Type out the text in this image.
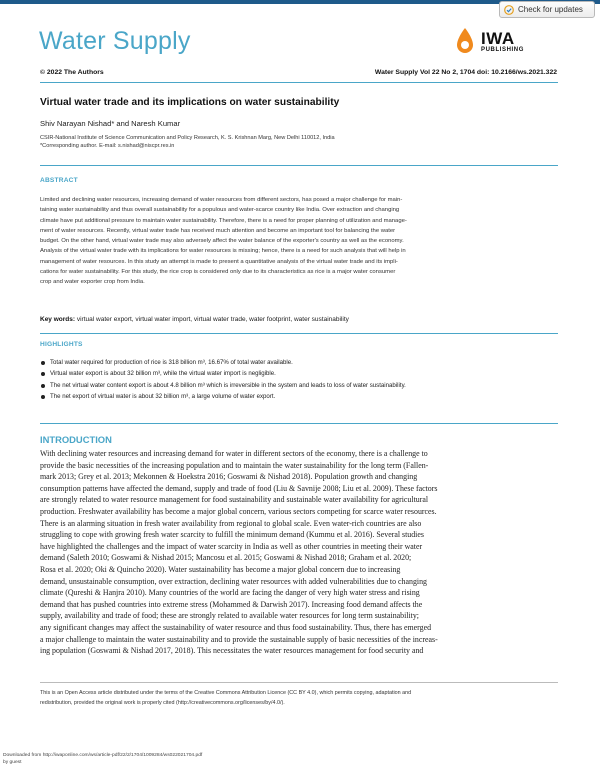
Check for updates
Water Supply	IWA
PUBLISHING
© 2022 The Authors	Water Supply Vol 22 No 2, 1704 doi: 10.2166/ws.2021.322
Virtual water trade and its implications on water sustainability
Shiv Narayan Nishad* and Naresh Kumar
CSIR-National Institute of Science Communication and Policy Research, K. S. Krishnan Marg, New Delhi 110012, India
*Corresponding author. E-mail: s.nishad@niscpr.res.in
ABSTRACT
Limited and declining water resources, increasing demand of water resources from different sectors, has posed a major challenge for main-
taining water sustainability and thus overall sustainability for a populous and water-scarce country like India. Over extraction and changing
climate have put additional pressure to maintain water sustainability. Therefore, there is a need for proper planning of utilization and manage-
ment of water resources. Recently, virtual water trade has received much attention and become an important tool for balancing the water
budget. On the other hand, virtual water trade may also adversely affect the water balance of the exporter's country as well as the economy.
Analysis of the virtual water trade with its implications for water resources is missing; hence, there is a need for such analysis that will help in
management of water resources. In this study an attempt is made to present a quantitative analysis of the virtual water trade and its impli-
cations for water sustainability. For this study, the rice crop is considered only due to its characteristics as rice is a major water consumer
crop and water exporter crop from India.
Key words: virtual water export, virtual water import, virtual water trade, water footprint, water sustainability
HIGHLIGHTS
Total water required for production of rice is 318 billion m³, 16.67% of total water available.
Virtual water export is about 32 billion m³, while the virtual water import is negligible.
The net virtual water content export is about 4.8 billion m³ which is irreversible in the system and leads to loss of water sustainability.
The net export of virtual water is about 32 billion m³, a large volume of water export.
INTRODUCTION
With declining water resources and increasing demand for water in different sectors of the economy, there is a challenge to
provide the basic necessities of the increasing population and to maintain the water sustainability for the long term (Fallen-
mark 2013; Grey et al. 2013; Mekonnen & Hoekstra 2016; Goswami & Nishad 2018). Population growth and changing
consumption patterns have affected the demand, supply and trade of food (Liu & Savnije 2008; Liu et al. 2009). These factors
are strongly related to water resource management for food sustainability and sustainable water availability for agricultural
production. Freshwater availability has become a major global concern, various sectors competing for scarce water resources.
There is an alarming situation in fresh water availability from regional to global scale. Even water-rich countries are also
struggling to cope with growing fresh water scarcity to fulfill the minimum demand (Kummu et al. 2016). Several studies
have highlighted the challenges and the impact of water scarcity in India as well as other countries in meeting their water
demand (Saleth 2010; Goswami & Nishad 2015; Mancosu et al. 2015; Goswami & Nishad 2018; Graham et al. 2020;
Rosa et al. 2020; Oki & Quincho 2020). Water sustainability has become a major global concern due to increasing
demand, unsustainable consumption, over extraction, declining water resources with added vulnerabilities due to changing
climate (Qureshi & Hanjra 2010). Many countries of the world are facing the danger of very high water stress and rising
demand that has pushed countries into extreme stress (Mohammed & Darwish 2017). Increasing food demand affects the
supply, availability and trade of food; these are strongly related to available water resources for long term sustainability;
any significant changes may affect the sustainability of water resource and thus food sustainability. Thus, there has emerged
a major challenge to maintain the water sustainability and to provide the sustainable supply of basic necessities of the increas-
ing population (Goswami & Nishad 2017, 2018). This necessitates the water resources management for food security and
This is an Open Access article distributed under the terms of the Creative Commons Attribution Licence (CC BY 4.0), which permits copying, adaptation and
redistribution, provided the original work is properly cited (http://creativecommons.org/licenses/by/4.0/).
Downloaded from http://iwaponline.com/ws/article-pdf/22/2/1704/1009284/ws022021704.pdf
by guest
